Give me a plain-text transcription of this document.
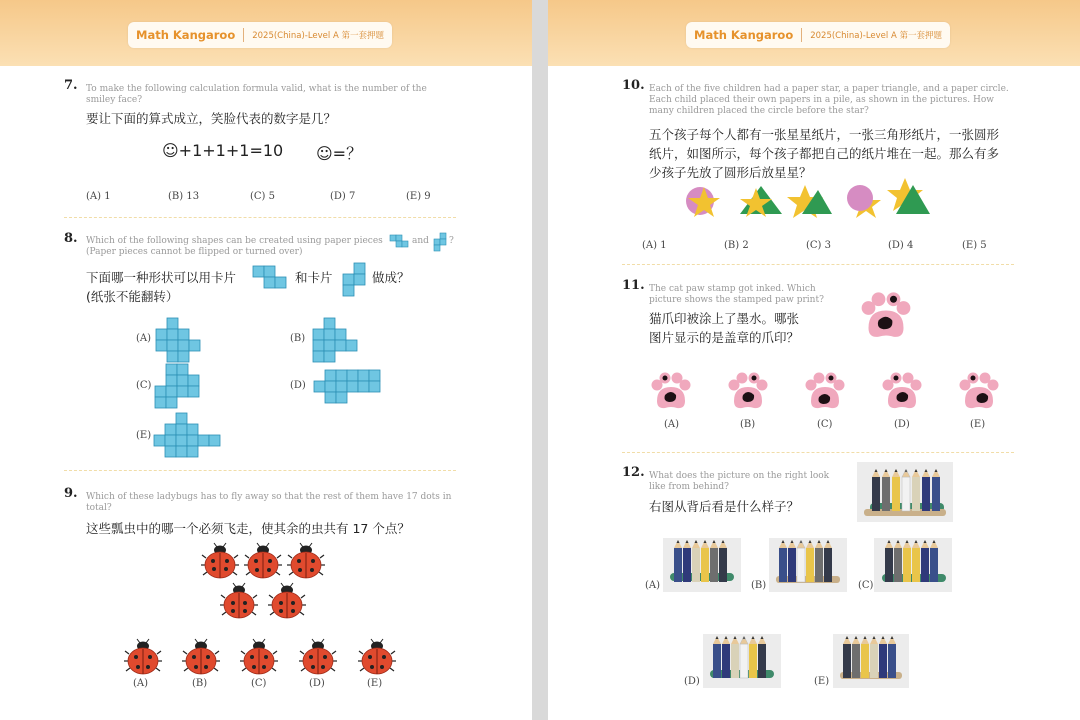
Math Kangaroo	2025(China)-Level A 第一套押题
7. To make the following calculation formula valid, what is the number of the smiley face?
要让下面的算式成立，笑脸代表的数字是几？
☺+1+1+1=10 ☺=？
(A) 1	(B) 13	(C) 5	(D) 7	(E) 9
8. Which of the following shapes can be created using paper pieces	and ?
(Paper pieces cannot be flipped or turned over)
下面哪一种形状可以用卡片	和卡片	做成？
(纸张不能翻转）
(A)	(B)
(C)	(D)
(E)
9. Which of these ladybugs has to fly away so that the rest of them have 17 dots in total?
这些瓢虫中的哪一个必须飞走，使其余的虫共有 17 个点？
(A)	(B)	(C)	(D)	(E)
Math Kangaroo	2025(China)-Level A 第一套押题
10. Each of the five children had a paper star, a paper triangle, and a paper circle. Each child placed their own papers in a pile, as shown in the pictures. How many children placed the circle before the star?
五个孩子每个人都有一张星星纸片，一张三角形纸片，一张圆形纸片，如图所示，每个孩子都把自己的纸片堆在一起。那么有多少孩子先放了圆形后放星星？
(A) 1	(B) 2	(C) 3	(D) 4	(E) 5
11. The cat paw stamp got inked. Which picture shows the stamped paw print?
猫爪印被涂上了墨水。哪张图片显示的是盖章的爪印？
(A)	(B)	(C)	(D)	(E)
12. What does the picture on the right look like from behind?
右图从背后看是什么样子？
(A)	(B)	(C)
(D)	(E)
